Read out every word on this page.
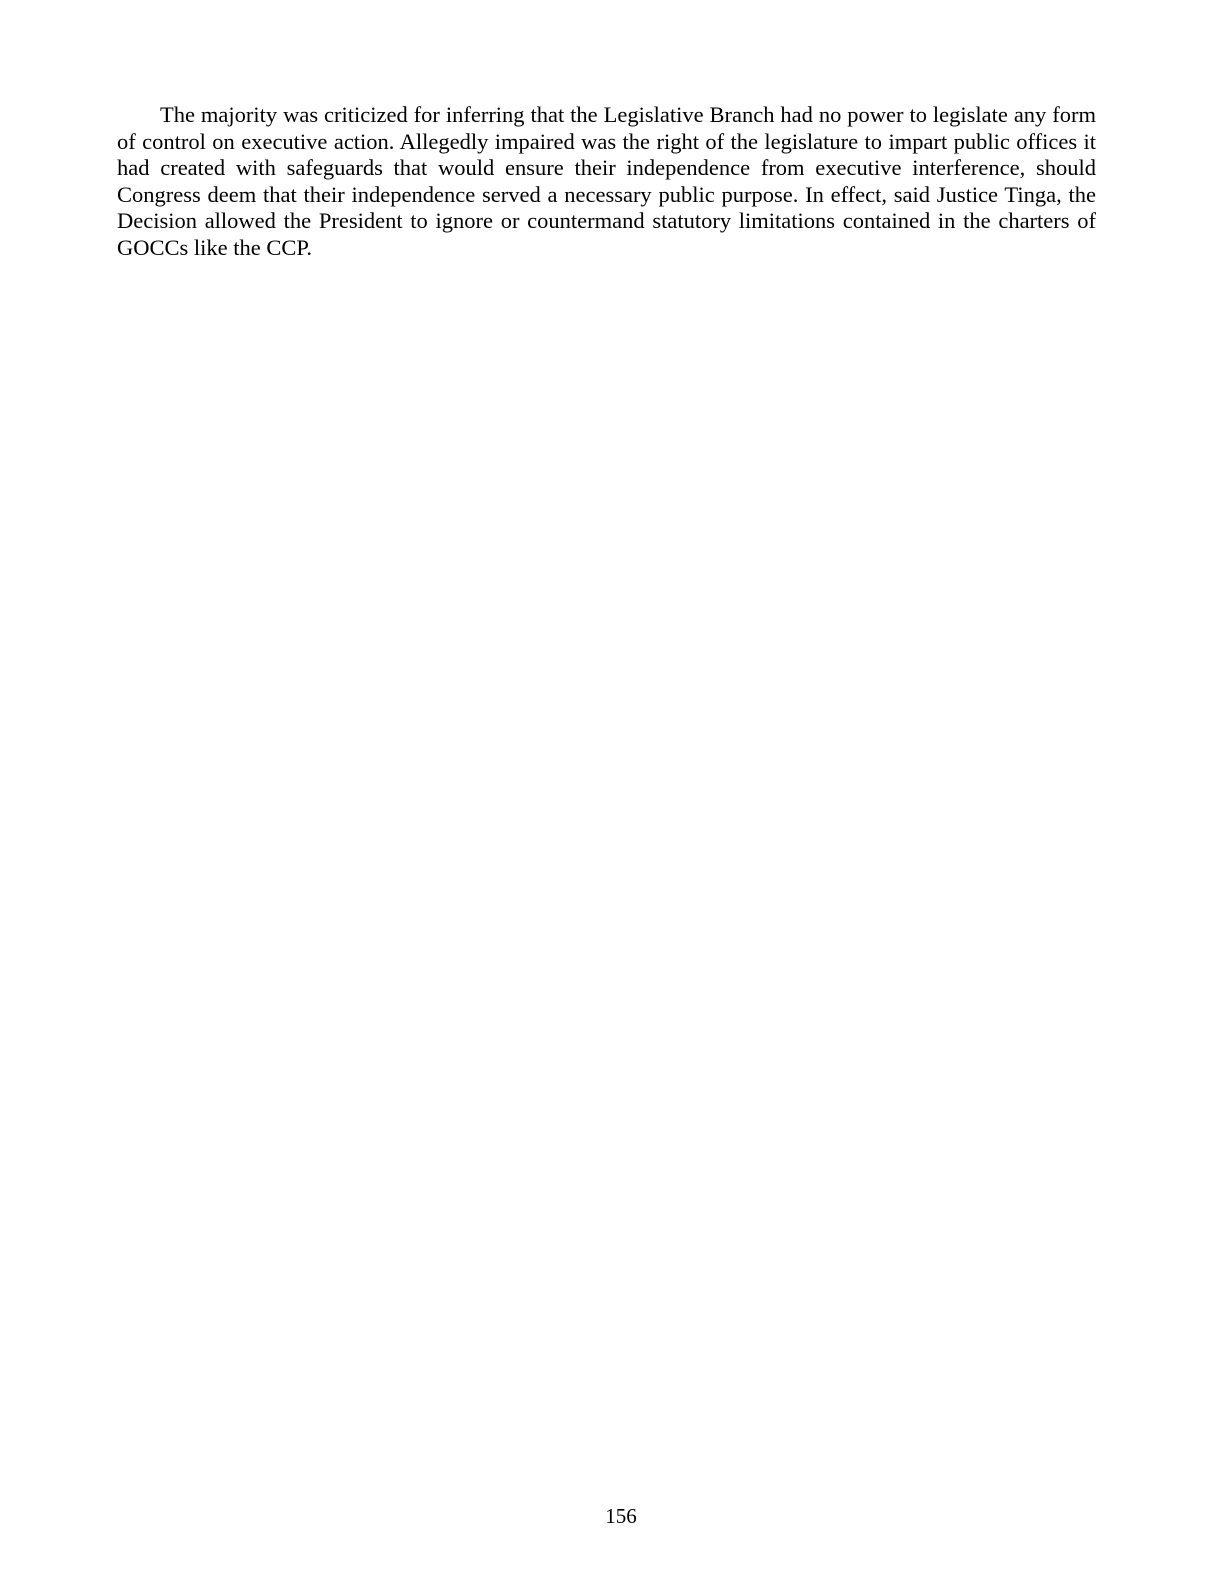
The majority was criticized for inferring that the Legislative Branch had no power to legislate any form of control on executive action. Allegedly impaired was the right of the legislature to impart public offices it had created with safeguards that would ensure their independence from executive interference, should Congress deem that their independence served a necessary public purpose. In effect, said Justice Tinga, the Decision allowed the President to ignore or countermand statutory limitations contained in the charters of GOCCs like the CCP.

156
